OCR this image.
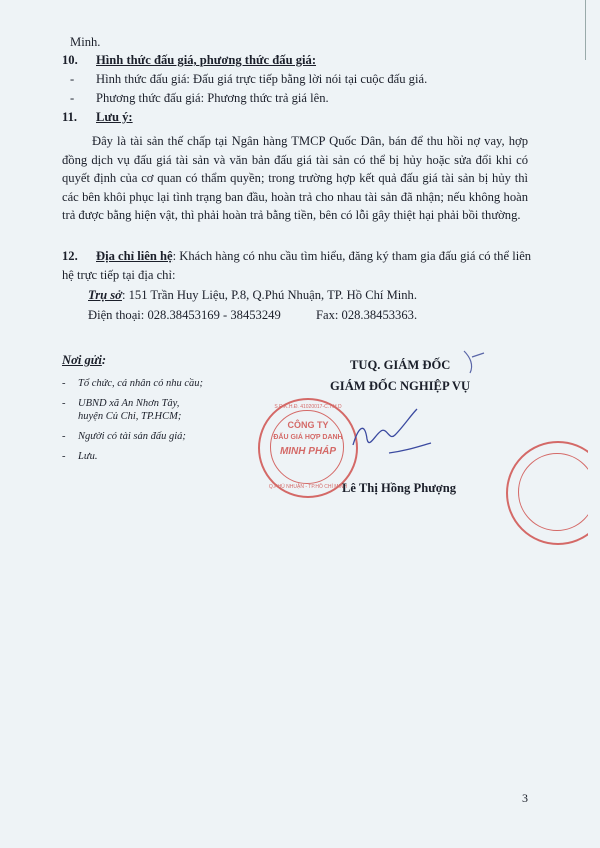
Minh.
10. Hình thức đấu giá, phương thức đấu giá:
- Hình thức đấu giá: Đấu giá trực tiếp bằng lời nói tại cuộc đấu giá.
- Phương thức đấu giá: Phương thức trả giá lên.
11. Lưu ý:
Đây là tài sản thế chấp tại Ngân hàng TMCP Quốc Dân, bán để thu hồi nợ vay, hợp đồng dịch vụ đấu giá tài sản và văn bản đấu giá tài sản có thể bị hủy hoặc sửa đổi khi có quyết định của cơ quan có thẩm quyền; trong trường hợp kết quả đấu giá tài sản bị hủy thì các bên khôi phục lại tình trạng ban đầu, hoàn trả cho nhau tài sản đã nhận; nếu không hoàn trả được bằng hiện vật, thì phải hoàn trả bằng tiền, bên có lỗi gây thiệt hại phải bồi thường.
12. Địa chỉ liên hệ: Khách hàng có nhu cầu tìm hiểu, đăng ký tham gia đấu giá có thể liên
hệ trực tiếp tại địa chỉ:
Trụ sở: 151 Trần Huy Liệu, P.8, Q.Phú Nhuận, TP. Hồ Chí Minh.
Điện thoại: 028.38453169 - 38453249	Fax: 028.38453363.
Nơi gửi:
- Tổ chức, cá nhân có nhu cầu;
- UBND xã An Nhơn Tây, huyện Củ Chi, TP.HCM;
- Người có tài sản đấu giá;
- Lưu.
TUQ. GIÁM ĐỐC
GIÁM ĐỐC NGHIỆP VỤ
CÔNG TY
ĐẤU GIÁ HỢP DANH
MINH PHÁP
S.Đ.K.H.Đ. 41020017-C.T.H.D
Q.PHÚ NHUẬN - TP.HỒ CHÍ MINH
Lê Thị Hồng Phượng
3
